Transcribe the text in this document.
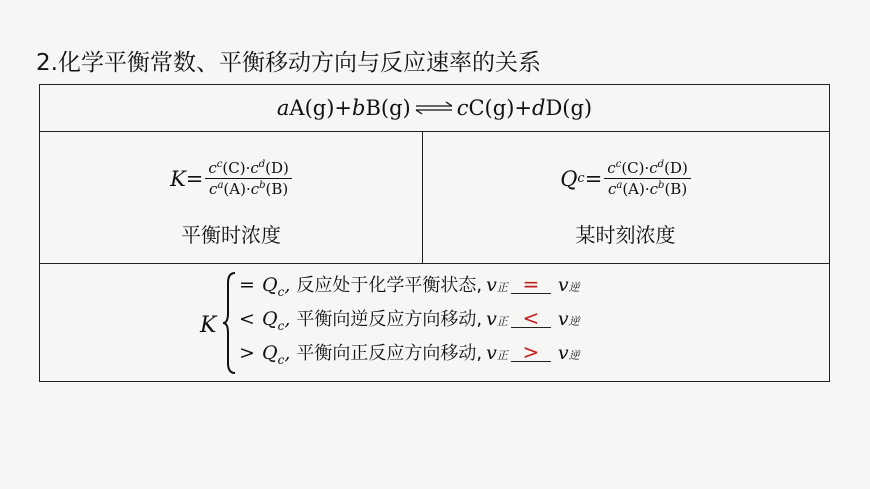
2.化学平衡常数、平衡移动方向与反应速率的关系
a A(g)+ b B(g) ⇌ c C(g)+ d D(g)
$K = \frac{c^c(C)\cdot c^d(D)}{c^a(A)\cdot c^b(B)}$
平衡时浓度
Q $c = \frac{c^c(C)\cdot c^d(D)}{c^a(A)\cdot c^b(B)}$
某时刻浓度
K
= $Q_c$, 反应处于化学平衡状态, v正 = v逆
< $Q_c$, 平衡向逆反应方向移动, v正 < v逆
> $Q_c$, 平衡向正反应方向移动, v正 > v逆
